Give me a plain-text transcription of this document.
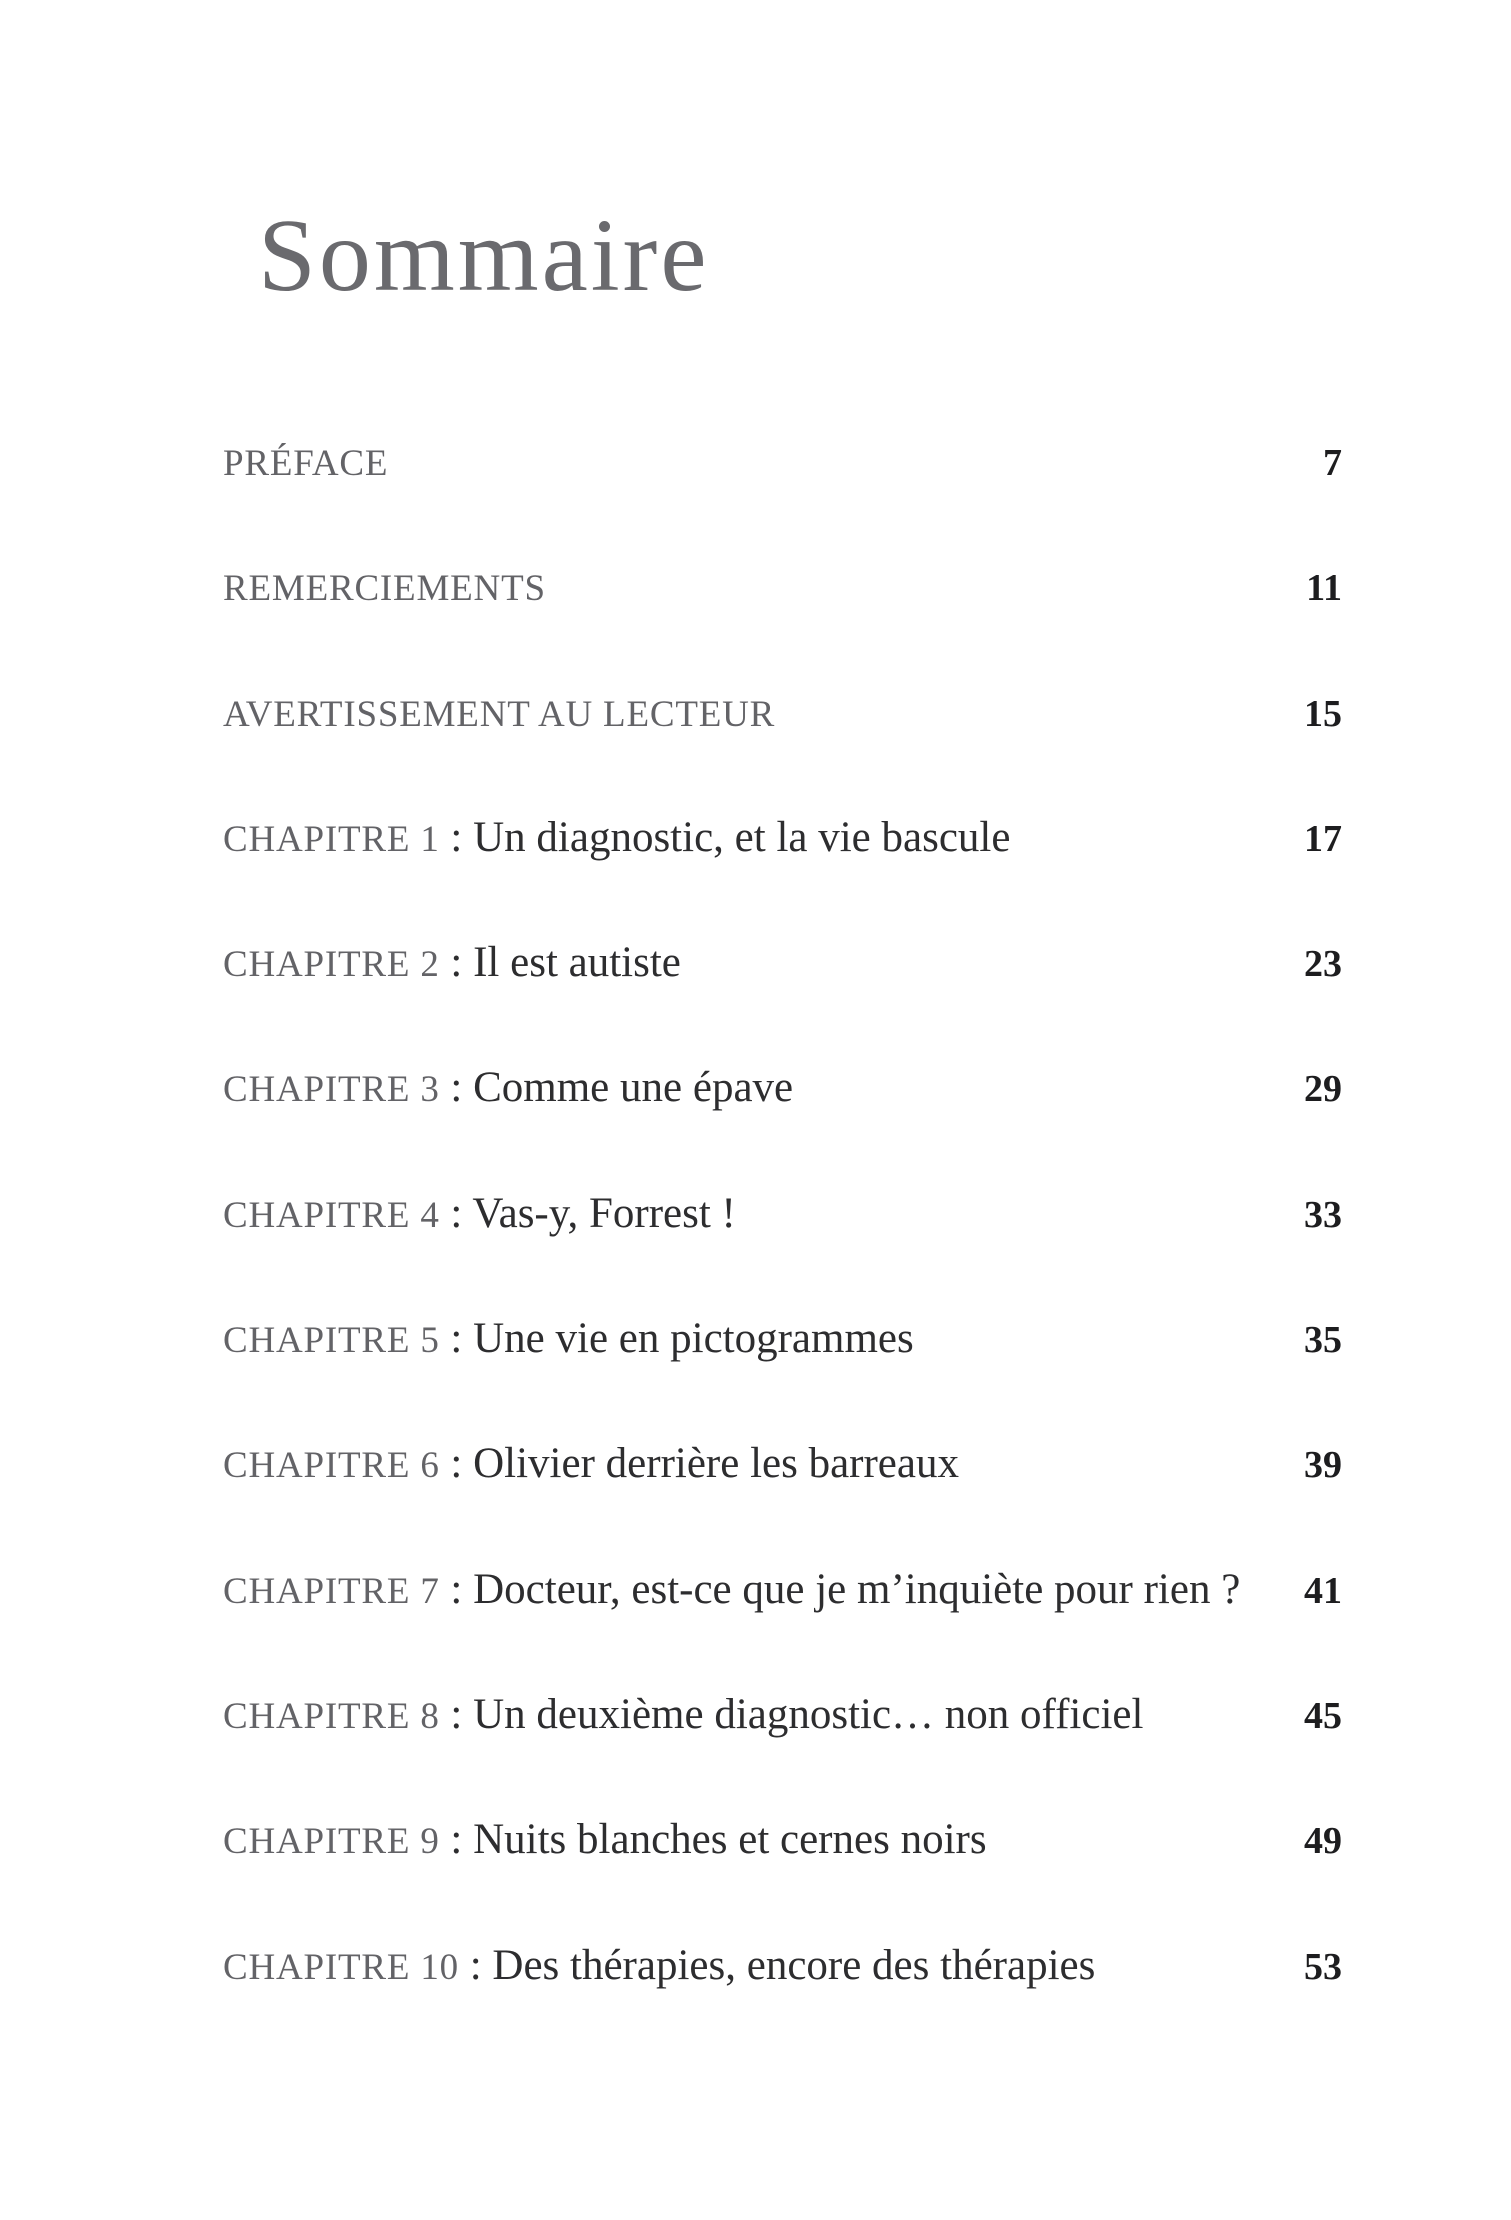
Sommaire
PRÉFACE	7
REMERCIEMENTS	11
AVERTISSEMENT AU LECTEUR	15
CHAPITRE 1 : Un diagnostic, et la vie bascule	17
CHAPITRE 2 : Il est autiste	23
CHAPITRE 3 : Comme une épave	29
CHAPITRE 4 : Vas-y, Forrest !	33
CHAPITRE 5 : Une vie en pictogrammes	35
CHAPITRE 6 : Olivier derrière les barreaux	39
CHAPITRE 7 : Docteur, est-ce que je m’inquiète pour rien ? 41
CHAPITRE 8 : Un deuxième diagnostic… non officiel	45
CHAPITRE 9 : Nuits blanches et cernes noirs	49
CHAPITRE 10 : Des thérapies, encore des thérapies	53
